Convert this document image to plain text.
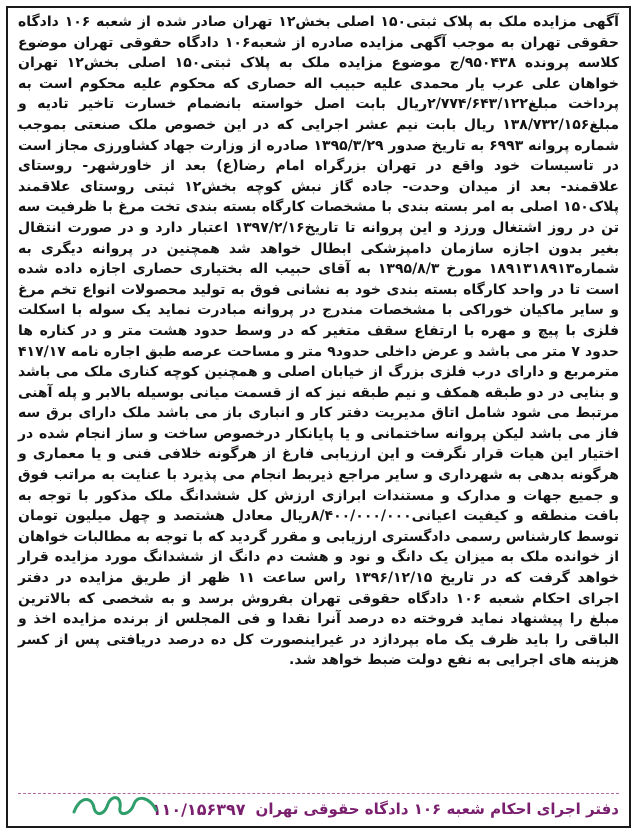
آگهی مزایده ملک به پلاک ثبتی۱۵۰ اصلی بخش۱۲ تهران صادر شده از شعبه ۱۰۶ دادگاه حقوقی تهران به موجب آگهی مزایده صادره از شعبه۱۰۶ دادگاه حقوقی تهران موضوع کلاسه پرونده ۹۵۰۴۳۸/ج موضوع مزایده ملک به پلاک ثبتی۱۵۰ اصلی بخش۱۲ تهران خواهان علی عرب یار محمدی علیه حبیب اله حصاری که محکوم علیه محکوم است به پرداخت مبلغ۲/۷۷۴/۶۴۳/۱۲۲ریال بابت اصل خواسته بانضمام خسارت تاخیر تادیه و مبلغ۱۳۸/۷۳۲/۱۵۶ ریال بابت نیم عشر اجرایی که در این خصوص ملک صنعتی بموجب شماره پروانه ۶۹۹۳ به تاریخ صدور ۱۳۹۵/۳/۲۹ صادره از وزارت جهاد کشاورزی مجاز است در تاسیسات خود واقع در تهران بزرگراه امام رضا(ع) بعد از خاورشهر- روستای علاقمند- بعد از میدان وحدت- جاده گاز نبش کوچه بخش۱۲ ثبتی روستای علاقمند پلاک۱۵۰ اصلی به امر بسته بندی با مشخصات کارگاه بسته بندی تخت مرغ با ظرفیت سه تن در روز اشتغال ورزد و این پروانه تا تاریخ۱۳۹۷/۲/۱۶ اعتبار دارد و در صورت انتقال بغیر بدون اجازه سازمان دامپزشکی ابطال خواهد شد همچنین در پروانه دیگری به شماره۱۸۹۱۳۱۸۹۱۳ مورخ ۱۳۹۵/۸/۳ به آقای حبیب اله بختیاری حصاری اجازه داده شده است تا در واحد کارگاه بسته بندی خود به نشانی فوق به تولید محصولات انواع تخم مرغ و سایر ماکیان خوراکی با مشخصات مندرج در پروانه مبادرت نماید یک سوله با اسکلت فلزی با پیچ و مهره با ارتفاع سقف متغیر که در وسط حدود هشت متر و در کناره ها حدود ۷ متر می باشد و عرض داخلی حدود۹ متر و مساحت عرصه طبق اجاره نامه ۴۱۷/۱۷ مترمربع و دارای درب فلزی بزرگ از خیابان اصلی و همچنین کوچه کناری ملک می باشد و بنایی در دو طبقه همکف و نیم طبقه نیز که از قسمت میانی بوسیله بالابر و پله آهنی مرتبط می شود شامل اتاق مدیریت دفتر کار و انباری باز می باشد ملک دارای برق سه فاز می باشد لیکن پروانه ساختمانی و یا پایانکار درخصوص ساخت و ساز انجام شده در اختیار این هیات قرار نگرفت و این ارزیابی فارغ از هرگونه خلافی فنی و یا معماری و هرگونه بدهی به شهرداری و سایر مراجع ذیربط انجام می پذیرد با عنایت به مراتب فوق و جمیع جهات و مدارک و مستندات ابرازی ارزش کل ششدانگ ملک مذکور با توجه به بافت منطقه و کیفیت اعیانی۸/۴۰۰/۰۰۰/۰۰۰ریال معادل هشتصد و چهل میلیون تومان توسط کارشناس رسمی دادگستری ارزیابی و مقرر گردید که با توجه به مطالبات خواهان از خوانده ملک به میزان یک دانگ و نود و هشت دم دانگ از ششدانگ مورد مزایده قرار خواهد گرفت که در تاریخ ۱۳۹۶/۱۲/۱۵ راس ساعت ۱۱ ظهر از طریق مزایده در دفتر اجرای احکام شعبه ۱۰۶ دادگاه حقوقی تهران بفروش برسد و به شخصی که بالاترین مبلغ را پیشنهاد نماید فروخته ده درصد آنرا نقدا و فی المجلس از برنده مزایده اخذ و الباقی را باید ظرف یک ماه بپردازد در غیراینصورت کل ده درصد دریافتی پس از کسر هزینه های اجرایی به نفع دولت ضبط خواهد شد.

دفتر اجرای احکام شعبه ۱۰۶ دادگاه حقوقی تهران
۱۱۰/۱۵۶۳۹۷
